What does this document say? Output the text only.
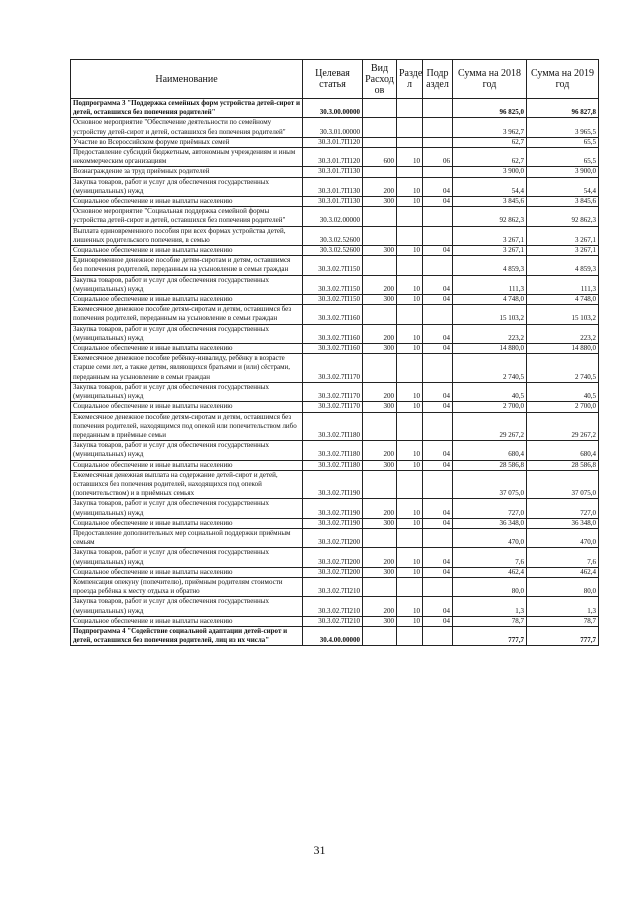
Наименование	Целевая статья	Вид Расход ов	Разде л	Подр аздел	Сумма на 2018 год	Сумма на 2019 год
Подпрограмма 3 "Поддержка семейных форм устройства детей-сирот и детей, оставшихся без попечения родителей"	30.3.00.00000				96 825,0	96 827,8
Основное мероприятие "Обеспечение деятельности по семейному устройству детей-сирот и детей, оставшихся без попечения родителей"	30.3.01.00000				3 962,7	3 965,5
Участие во Всероссийском форуме приёмных семей	30.3.01.7П120				62,7	65,5
Предоставление субсидий бюджетным, автономным учреждениям и иным некоммерческим организациям	30.3.01.7П120	600	10	06	62,7	65,5
Вознаграждение за труд приёмных родителей	30.3.01.7П130				3 900,0	3 900,0
Закупка товаров, работ и услуг для обеспечения государственных (муниципальных) нужд	30.3.01.7П130	200	10	04	54,4	54,4
Социальное обеспечение и иные выплаты населению	30.3.01.7П130	300	10	04	3 845,6	3 845,6
Основное мероприятие "Социальная поддержка семейной формы устройства детей-сирот и детей, оставшихся без попечения родителей"	30.3.02.00000				92 862,3	92 862,3
Выплата единовременного пособия при всех формах устройства детей, лишенных родительского попечения, в семью	30.3.02.52600				3 267,1	3 267,1
Социальное обеспечение и иные выплаты населению	30.3.02.52600	300	10	04	3 267,1	3 267,1
Единовременное денежное пособие детям-сиротам и детям, оставшимся без попечения родителей, переданным на усыновление в семьи граждан	30.3.02.7П150				4 859,3	4 859,3
Закупка товаров, работ и услуг для обеспечения государственных (муниципальных) нужд	30.3.02.7П150	200	10	04	111,3	111,3
Социальное обеспечение и иные выплаты населению	30.3.02.7П150	300	10	04	4 748,0	4 748,0
Ежемесячное денежное пособие детям-сиротам и детям, оставшимся без попечения родителей, переданным на усыновление в семьи граждан	30.3.02.7П160				15 103,2	15 103,2
Закупка товаров, работ и услуг для обеспечения государственных (муниципальных) нужд	30.3.02.7П160	200	10	04	223,2	223,2
Социальное обеспечение и иные выплаты населению	30.3.02.7П160	300	10	04	14 880,0	14 880,0
Ежемесячное денежное пособие ребёнку-инвалиду, ребёнку в возрасте старше семи лет, а также детям, являющихся братьями и (или) сёстрами, переданным на усыновление в семьи граждан	30.3.02.7П170				2 740,5	2 740,5
Закупка товаров, работ и услуг для обеспечения государственных (муниципальных) нужд	30.3.02.7П170	200	10	04	40,5	40,5
Социальное обеспечение и иные выплаты населению	30.3.02.7П170	300	10	04	2 700,0	2 700,0
Ежемесячное денежное пособие детям-сиротам и детям, оставшимся без попечения родителей, находящимся под опекой или попечительством либо переданным в приёмные семьи	30.3.02.7П180				29 267,2	29 267,2
Закупка товаров, работ и услуг для обеспечения государственных (муниципальных) нужд	30.3.02.7П180	200	10	04	680,4	680,4
Социальное обеспечение и иные выплаты населению	30.3.02.7П180	300	10	04	28 586,8	28 586,8
Ежемесячная денежная выплата на содержание детей-сирот и детей, оставшихся без попечения родителей, находящихся под опекой (попечительством) и в приёмных семьях	30.3.02.7П190				37 075,0	37 075,0
Закупка товаров, работ и услуг для обеспечения государственных (муниципальных) нужд	30.3.02.7П190	200	10	04	727,0	727,0
Социальное обеспечение и иные выплаты населению	30.3.02.7П190	300	10	04	36 348,0	36 348,0
Предоставление дополнительных мер социальной поддержки приёмным семьям	30.3.02.7П200				470,0	470,0
Закупка товаров, работ и услуг для обеспечения государственных (муниципальных) нужд	30.3.02.7П200	200	10	04	7,6	7,6
Социальное обеспечение и иные выплаты населению	30.3.02.7П200	300	10	04	462,4	462,4
Компенсация опекуну (попечителю), приёмным родителям стоимости проезда ребёнка к месту отдыха и обратно	30.3.02.7П210				80,0	80,0
Закупка товаров, работ и услуг для обеспечения государственных (муниципальных) нужд	30.3.02.7П210	200	10	04	1,3	1,3
Социальное обеспечение и иные выплаты населению	30.3.02.7П210	300	10	04	78,7	78,7
Подпрограмма 4 "Содействие социальной адаптации детей-сирот и детей, оставшихся без попечения родителей, лиц из их числа"	30.4.00.00000				777,7	777,7
31
